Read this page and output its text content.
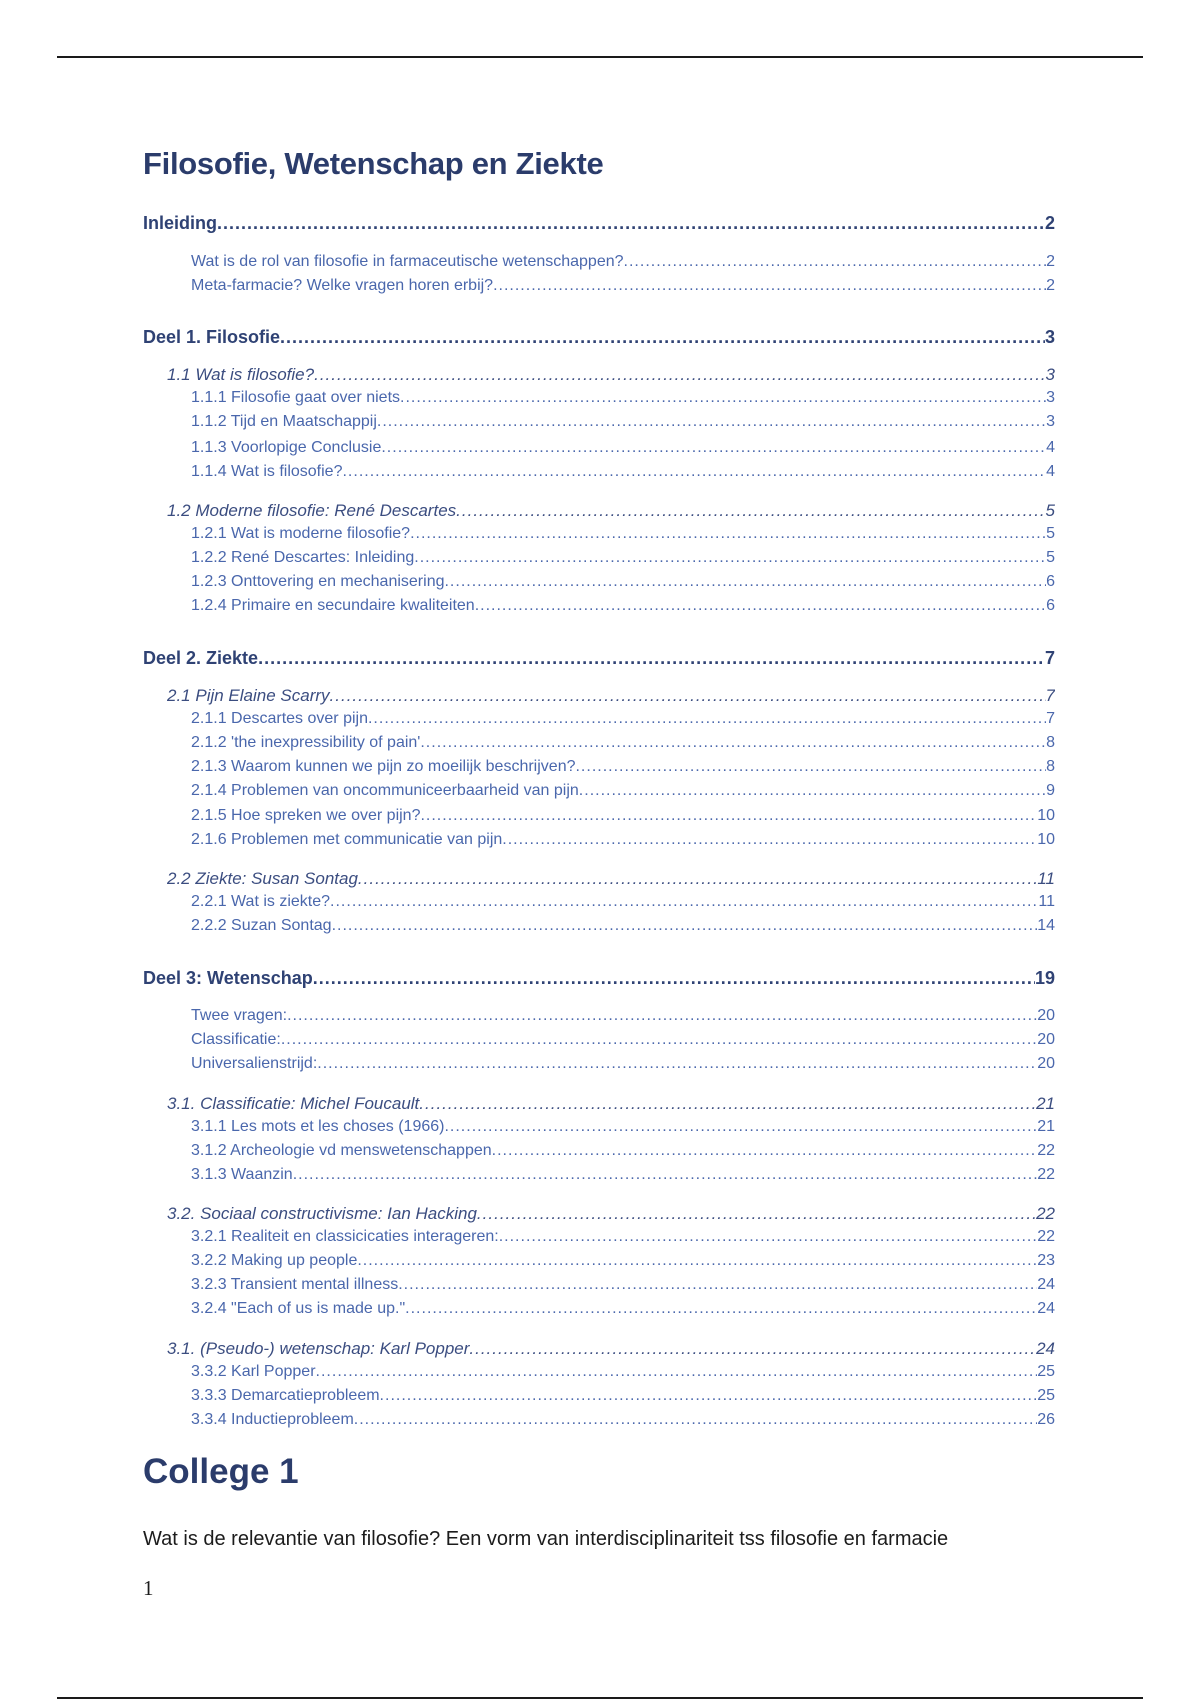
Filosofie, Wetenschap en Ziekte
Inleiding .....	2
Wat is de rol van filosofie in farmaceutische wetenschappen? .....	2
Meta-farmacie? Welke vragen horen erbij? .....	2
Deel 1. Filosofie .....	3
1.1 Wat is filosofie? .....	3
1.1.1 Filosofie gaat over niets .....	3
1.1.2 Tijd en Maatschappij .....	3
1.1.3 Voorlopige Conclusie .....	4
1.1.4 Wat is filosofie? .....	4
1.2 Moderne filosofie: René Descartes .....	5
1.2.1 Wat is moderne filosofie? .....	5
1.2.2 René Descartes: Inleiding .....	5
1.2.3 Onttovering en mechanisering .....	6
1.2.4 Primaire en secundaire kwaliteiten .....	6
Deel 2. Ziekte .....	7
2.1 Pijn Elaine Scarry .....	7
2.1.1 Descartes over pijn .....	7
2.1.2 'the inexpressibility of pain' .....	8
2.1.3 Waarom kunnen we pijn zo moeilijk beschrijven? .....	8
2.1.4 Problemen van oncommuniceerbaarheid van pijn .....	9
2.1.5 Hoe spreken we over pijn? .....	10
2.1.6 Problemen met communicatie van pijn .....	10
2.2 Ziekte: Susan Sontag .....	11
2.2.1 Wat is ziekte? .....	11
2.2.2 Suzan Sontag .....	14
Deel 3: Wetenschap .....	19
Twee vragen: .....	20
Classificatie: .....	20
Universalienstrijd: .....	20
3.1. Classificatie: Michel Foucault .....	21
3.1.1 Les mots et les choses (1966) .....	21
3.1.2 Archeologie vd menswetenschappen .....	22
3.1.3 Waanzin .....	22
3.2. Sociaal constructivisme: Ian Hacking .....	22
3.2.1 Realiteit en classicicaties interageren: .....	22
3.2.2 Making up people .....	23
3.2.3 Transient mental illness .....	24
3.2.4 "Each of us is made up." .....	24
3.1. (Pseudo-) wetenschap: Karl Popper .....	24
3.3.2 Karl Popper .....	25
3.3.3 Demarcatieprobleem .....	25
3.3.4 Inductieprobleem .....	26
College 1

Wat is de relevantie van filosofie? Een vorm van interdisciplinariteit tss filosofie en farmacie

1
